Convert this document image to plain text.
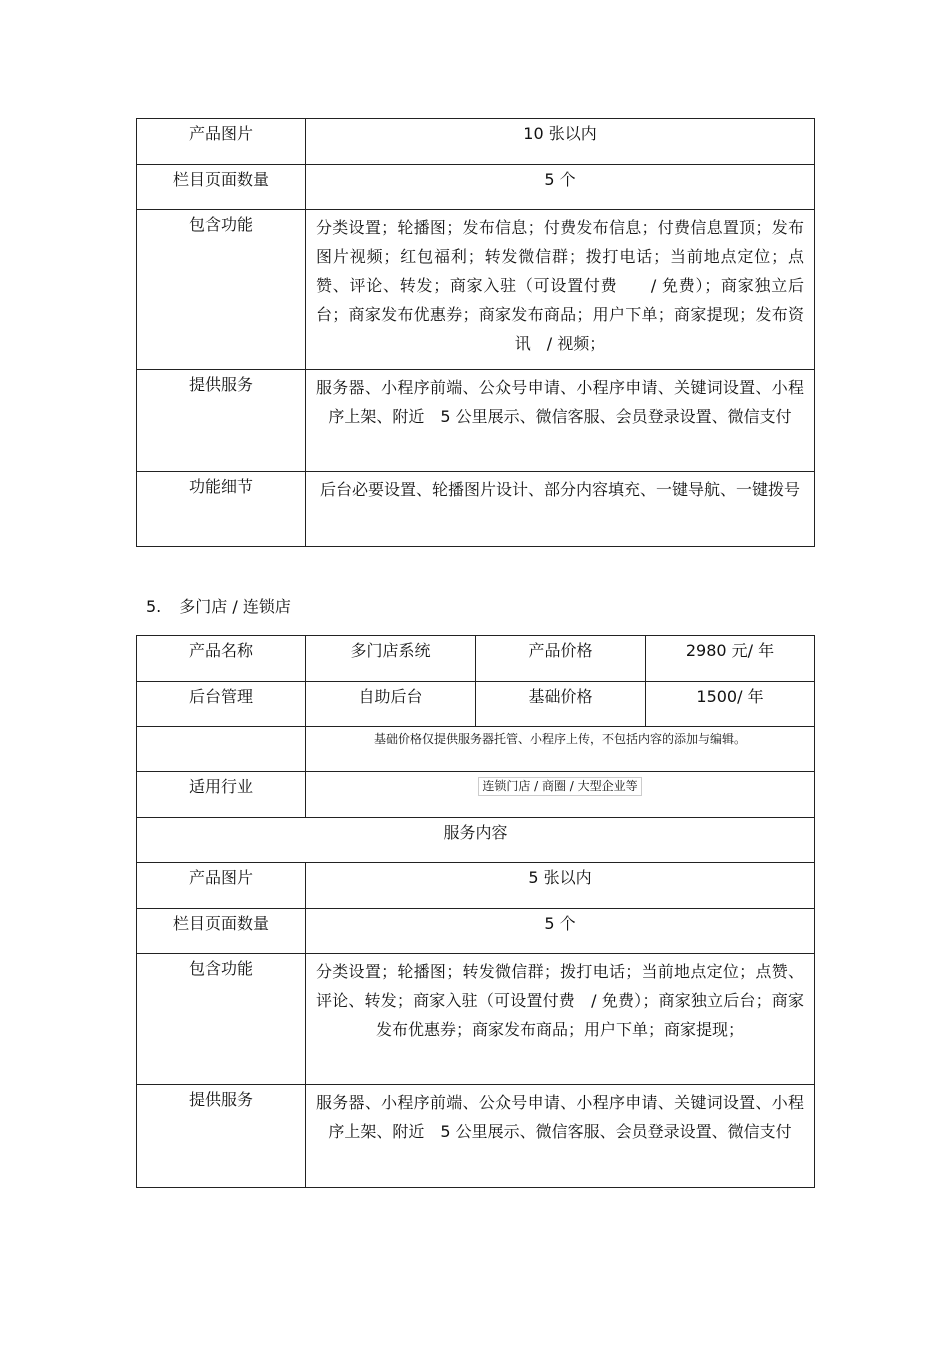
产品图片	10 张以内
栏目页面数量	5 个
包含功能	分类设置；轮播图；发布信息；付费发布信息；付费信息置顶；发布图片视频；红包福利；转发微信群；拨打电话；当前地点定位；点赞、评论、转发；商家入驻（可设置付费　　/ 免费）；商家独立后台；商家发布优惠券；商家发布商品；用户下单；商家提现；发布资讯　/ 视频；
提供服务	服务器、小程序前端、公众号申请、小程序申请、关键词设置、小程序上架、附近　5 公里展示、微信客服、会员登录设置、微信支付
功能细节	后台必要设置、轮播图片设计、部分内容填充、一键导航、一键拨号
5. 多门店 / 连锁店
产品名称	多门店系统	产品价格	2980 元/ 年
后台管理	自助后台	基础价格	1500/ 年
	基础价格仅提供服务器托管、小程序上传，不包括内容的添加与编辑。		
适用行业	连锁门店 / 商圈 / 大型企业等		
服务内容			
产品图片	5 张以内		
栏目页面数量	5 个		
包含功能	分类设置；轮播图；转发微信群；拨打电话；当前地点定位；点赞、评论、转发；商家入驻（可设置付费　/ 免费）；商家独立后台；商家发布优惠券；商家发布商品；用户下单；商家提现；		
提供服务	服务器、小程序前端、公众号申请、小程序申请、关键词设置、小程序上架、附近　5 公里展示、微信客服、会员登录设置、微信支付		
